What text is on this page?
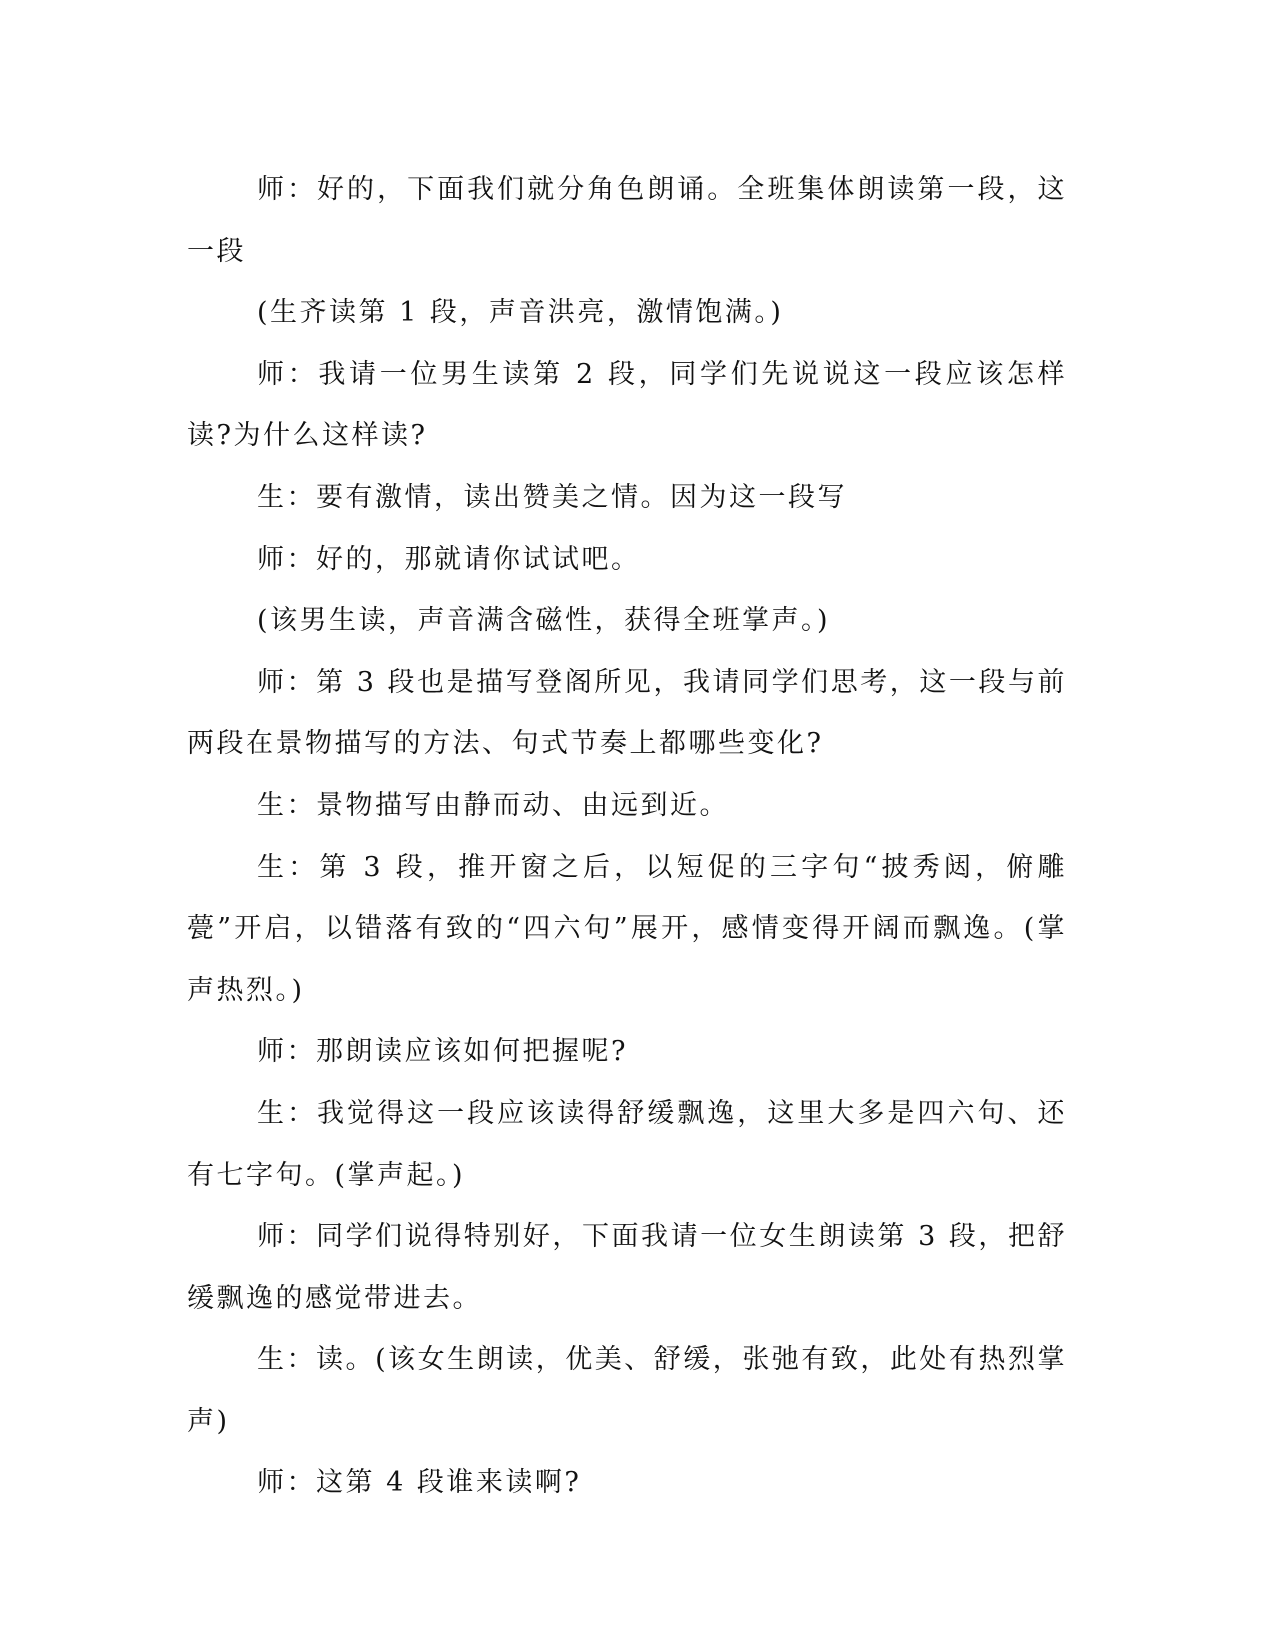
师：好的，下面我们就分角色朗诵。全班集体朗读第一段，这一段

(生齐读第 1 段，声音洪亮，激情饱满。)

师：我请一位男生读第 2 段，同学们先说说这一段应该怎样读?为什么这样读?

生：要有激情，读出赞美之情。因为这一段写

师：好的，那就请你试试吧。

(该男生读，声音满含磁性，获得全班掌声。)

师：第 3 段也是描写登阁所见，我请同学们思考，这一段与前两段在景物描写的方法、句式节奏上都哪些变化?

生：景物描写由静而动、由远到近。

生：第 3 段，推开窗之后，以短促的三字句“披秀闼，俯雕甍”开启，以错落有致的“四六句”展开，感情变得开阔而飘逸。(掌声热烈。)

师：那朗读应该如何把握呢?

生：我觉得这一段应该读得舒缓飘逸，这里大多是四六句、还有七字句。(掌声起。)

师：同学们说得特别好，下面我请一位女生朗读第 3 段，把舒缓飘逸的感觉带进去。

生：读。(该女生朗读，优美、舒缓，张弛有致，此处有热烈掌声)

师：这第 4 段谁来读啊?
